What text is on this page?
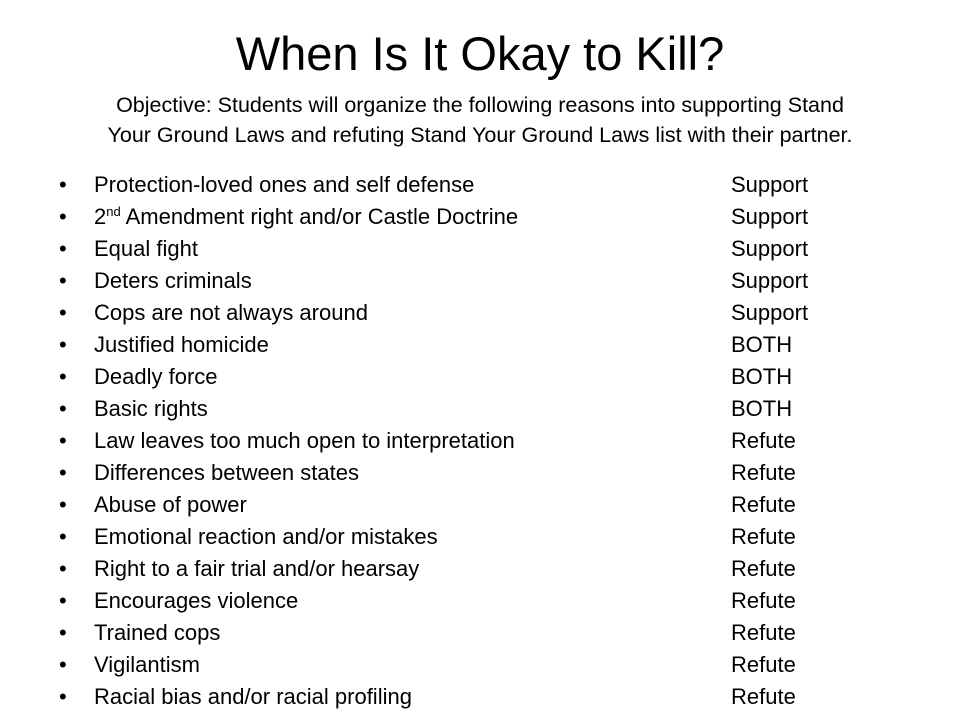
When Is It Okay to Kill?
Objective: Students will organize the following reasons into supporting Stand
Your Ground Laws and refuting Stand Your Ground Laws list with their partner.
•	Protection-loved ones and self defense	Support
•	2nd Amendment right and/or Castle Doctrine	Support
•	Equal fight	Support
•	Deters criminals	Support
•	Cops are not always around	Support
•	Justified homicide	BOTH
•	Deadly force	BOTH
•	Basic rights	BOTH
•	Law leaves too much open to interpretation	Refute
•	Differences between states	Refute
•	Abuse of power	Refute
•	Emotional reaction and/or mistakes	Refute
•	Right to a fair trial and/or hearsay	Refute
•	Encourages violence	Refute
•	Trained cops	Refute
•	Vigilantism	Refute
•	Racial bias and/or racial profiling	Refute
